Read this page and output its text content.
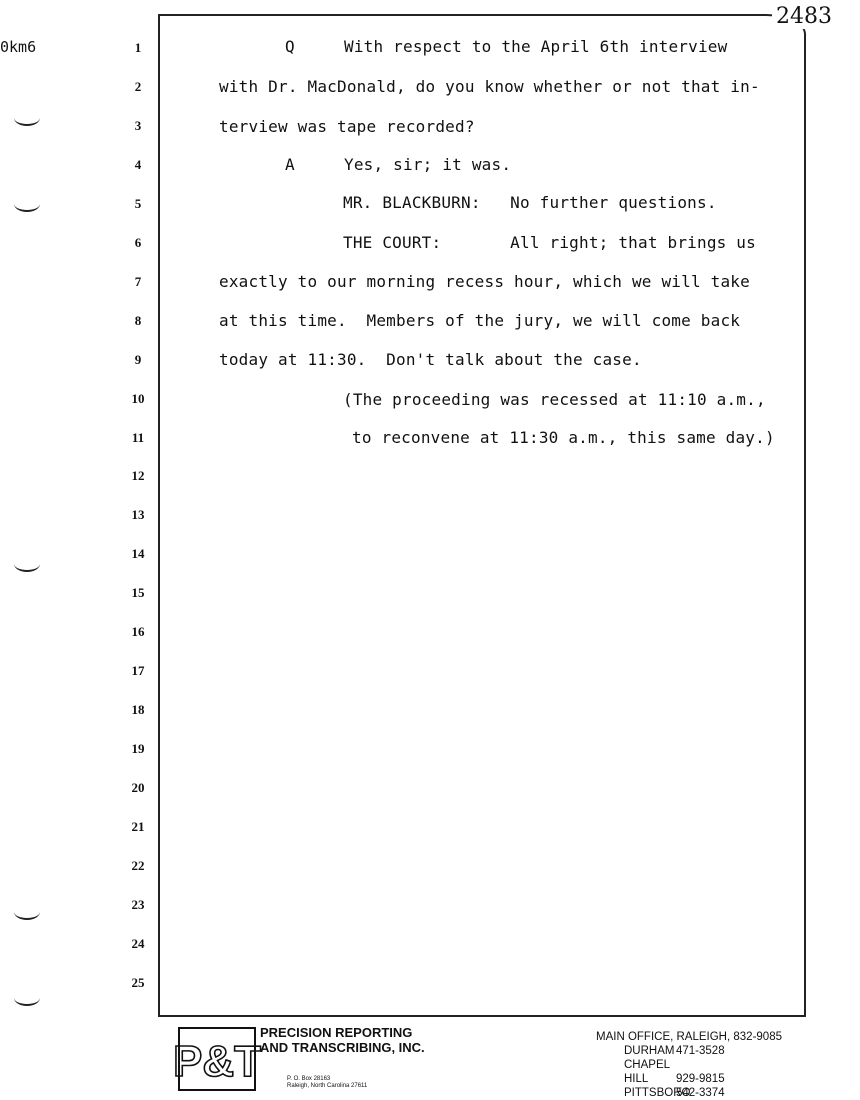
0km6
2483
1
2
3
4
5
6
7
8
9
10
11
12
13
14
15
16
17
18
19
20
21
22
23
24
25
Q     With respect to the April 6th interview
with Dr. MacDonald, do you know whether or not that in-
terview was tape recorded?
A     Yes, sir; it was.
MR. BLACKBURN:   No further questions.
THE COURT:       All right; that brings us
exactly to our morning recess hour, which we will take
at this time.  Members of the jury, we will come back
today at 11:30.  Don't talk about the case.
(The proceeding was recessed at 11:10 a.m.,
to reconvene at 11:30 a.m., this same day.)
P&T
PRECISION REPORTING
AND TRANSCRIBING, INC.
P. O. Box 28163
Raleigh, North Carolina 27611
MAIN OFFICE, RALEIGH, 832-9085
DURHAM 471-3528
CHAPEL HILL 929-9815
PITTSBORO542-3374
